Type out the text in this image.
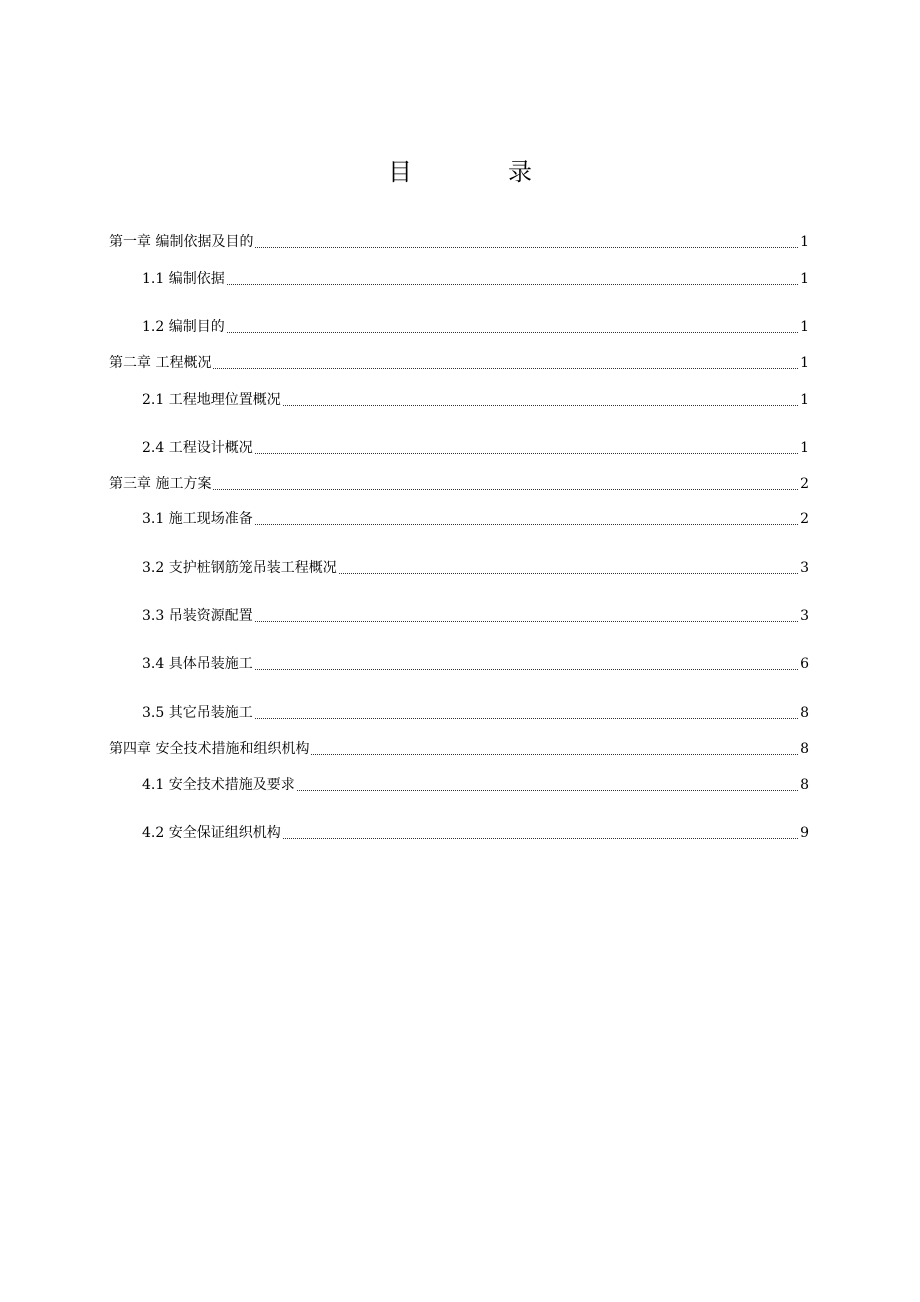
目　录
第一章 编制依据及目的	1
1.1 编制依据	1
1.2 编制目的	1
第二章 工程概况	1
2.1 工程地理位置概况	1
2.4 工程设计概况	1
第三章 施工方案	2
3.1 施工现场准备	2
3.2 支护桩钢筋笼吊装工程概况	3
3.3 吊装资源配置	3
3.4 具体吊装施工	6
3.5 其它吊装施工	8
第四章 安全技术措施和组织机构	8
4.1 安全技术措施及要求	8
4.2 安全保证组织机构	9
